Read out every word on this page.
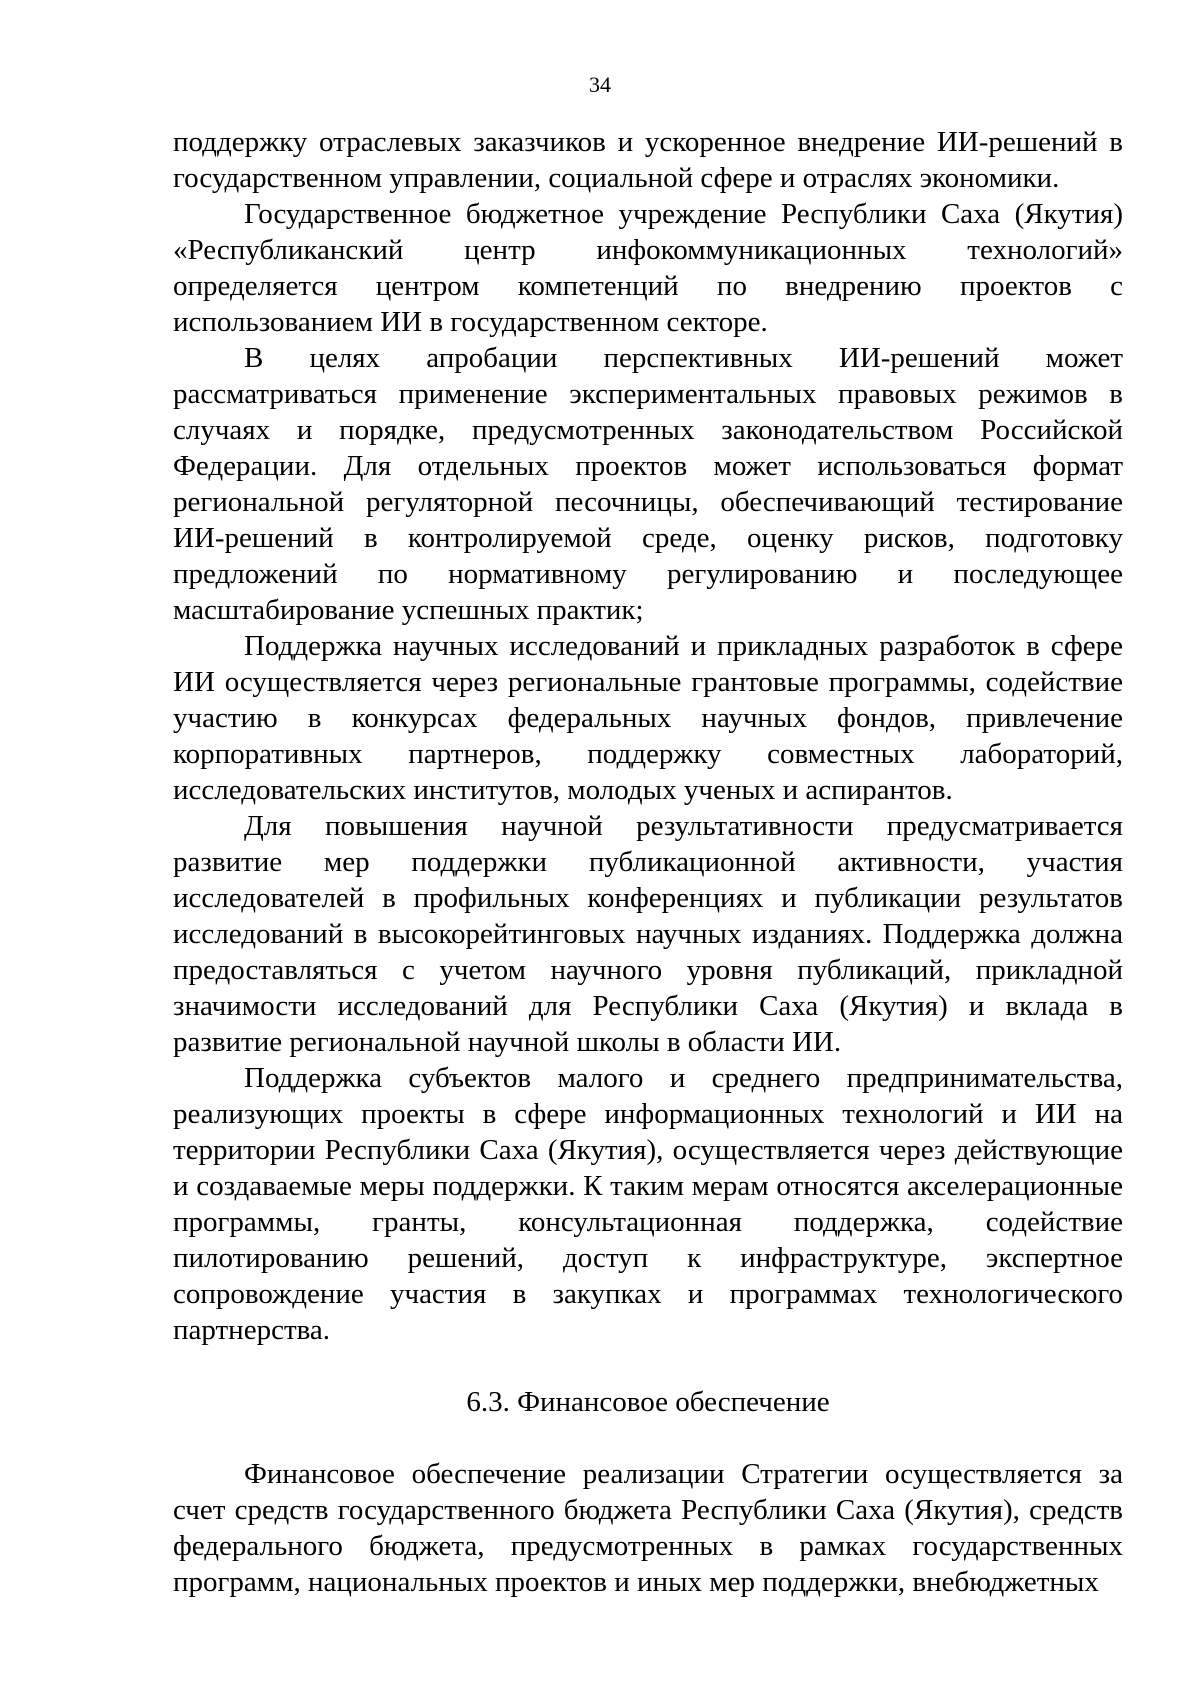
34

поддержку отраслевых заказчиков и ускоренное внедрение ИИ-решений в государственном управлении, социальной сфере и отраслях экономики.

Государственное бюджетное учреждение Республики Саха (Якутия) «Республиканский центр инфокоммуникационных технологий» определяется центром компетенций по внедрению проектов с использованием ИИ в государственном секторе.

В целях апробации перспективных ИИ-решений может рассматриваться применение экспериментальных правовых режимов в случаях и порядке, предусмотренных законодательством Российской Федерации. Для отдельных проектов может использоваться формат региональной регуляторной песочницы, обеспечивающий тестирование ИИ-решений в контролируемой среде, оценку рисков, подготовку предложений по нормативному регулированию и последующее масштабирование успешных практик;

Поддержка научных исследований и прикладных разработок в сфере ИИ осуществляется через региональные грантовые программы, содействие участию в конкурсах федеральных научных фондов, привлечение корпоративных партнеров, поддержку совместных лабораторий, исследовательских институтов, молодых ученых и аспирантов.

Для повышения научной результативности предусматривается развитие мер поддержки публикационной активности, участия исследователей в профильных конференциях и публикации результатов исследований в высокорейтинговых научных изданиях. Поддержка должна предоставляться с учетом научного уровня публикаций, прикладной значимости исследований для Республики Саха (Якутия) и вклада в развитие региональной научной школы в области ИИ.

Поддержка субъектов малого и среднего предпринимательства, реализующих проекты в сфере информационных технологий и ИИ на территории Республики Саха (Якутия), осуществляется через действующие и создаваемые меры поддержки. К таким мерам относятся акселерационные программы, гранты, консультационная поддержка, содействие пилотированию решений, доступ к инфраструктуре, экспертное сопровождение участия в закупках и программах технологического партнерства.

6.3. Финансовое обеспечение

Финансовое обеспечение реализации Стратегии осуществляется за счет средств государственного бюджета Республики Саха (Якутия), средств федерального бюджета, предусмотренных в рамках государственных программ, национальных проектов и иных мер поддержки, внебюджетных
